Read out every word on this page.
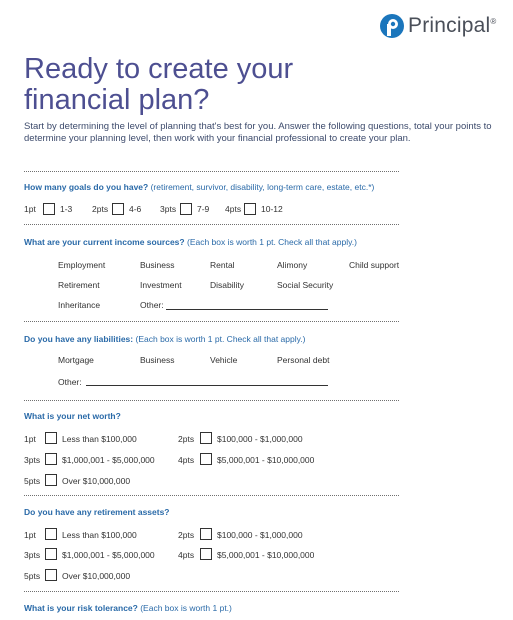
Principal®
Ready to create your
financial plan?
Start by determining the level of planning that's best for you. Answer the following questions, total your points to determine your planning level, then work with your financial professional to create your plan.
How many goals do you have? (retirement, survivor, disability, long-term care, estate, etc.*)
1pt	1-3 2pts 4-6 3pts 7-9 4pts 10-12
What are your current income sources? (Each box is worth 1 pt. Check all that apply.)
Employment	Business	Rental	Alimony	Child support
Retirement	Investment	Disability	Social Security
Inheritance	Other:
Do you have any liabilities: (Each box is worth 1 pt. Check all that apply.)
Mortgage	Business	Vehicle	Personal debt
Other:
What is your net worth?
1pt	Less than $100,000	2pts	$100,000 - $1,000,000
3pts	$1,000,001 - $5,000,000	4pts	$5,000,001 - $10,000,000
5pts	Over $10,000,000
Do you have any retirement assets?
1pt	Less than $100,000	2pts	$100,000 - $1,000,000
3pts	$1,000,001 - $5,000,000	4pts	$5,000,001 - $10,000,000
5pts	Over $10,000,000
What is your risk tolerance? (Each box is worth 1 pt.)
